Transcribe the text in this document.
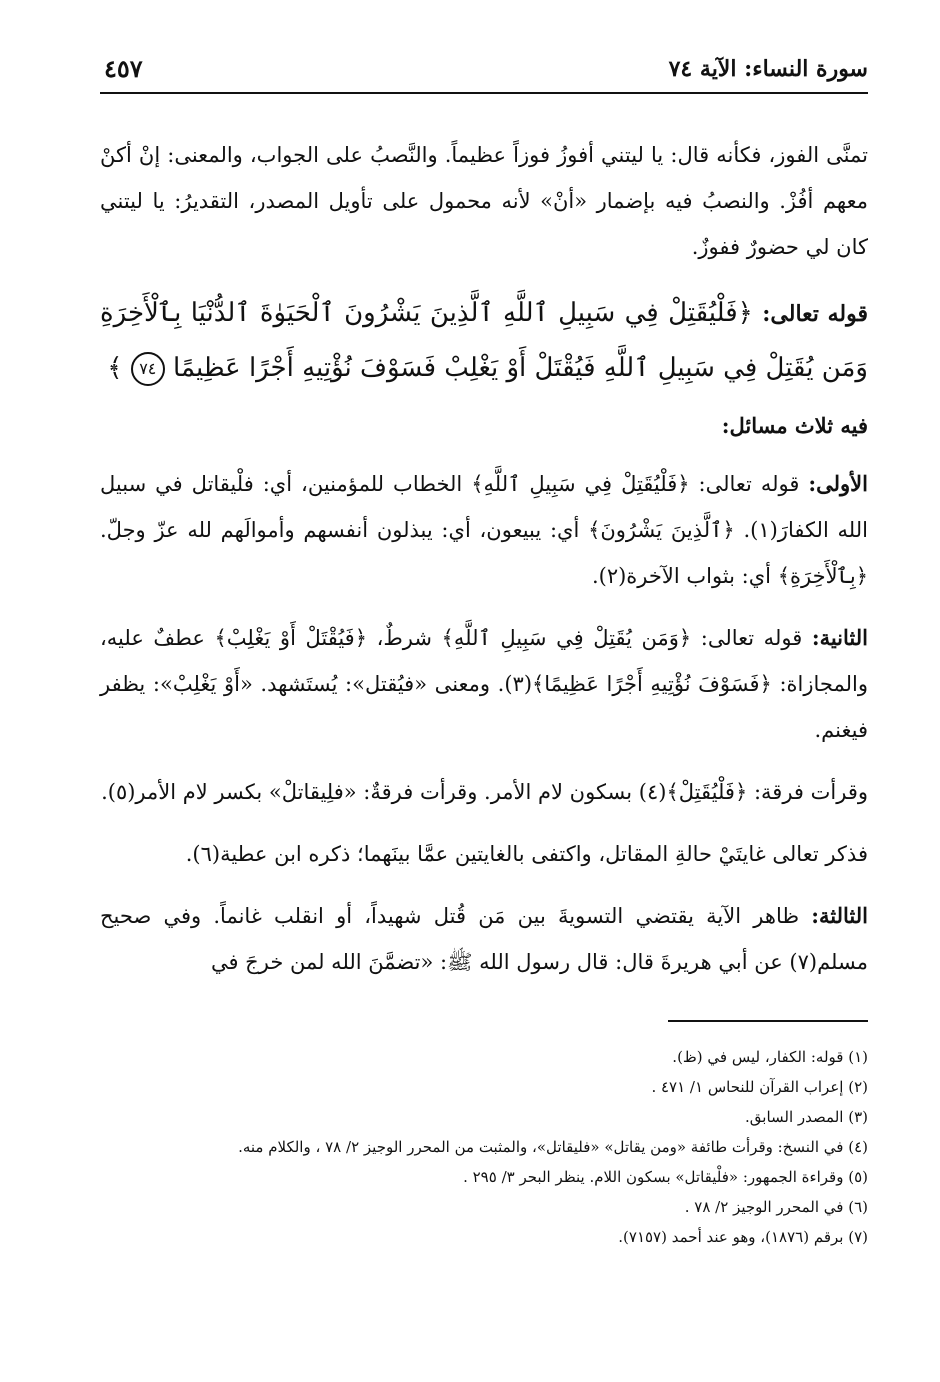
سورة النساء: الآية ٧٤
٤٥٧

تمنَّى الفوز، فكأنه قال: يا ليتني أفوزُ فوزاً عظيماً. والنَّصبُ على الجواب، والمعنى: إنْ أكنْ معهم أفُزْ. والنصبُ فيه بإضمار «أنْ» لأنه محمول على تأويل المصدر، التقديرُ: يا ليتني كان لي حضورٌ ففوزٌ.

قوله تعالى: ﴿فَلْيُقَتِلْ فِي سَبِيلِ ٱللَّهِ ٱلَّذِينَ يَشْرُونَ ٱلْحَيَوٰةَ ٱلدُّنْيَا بِٱلْأَخِرَةِ وَمَن يُقَتِلْ فِي سَبِيلِ ٱللَّهِ فَيُقْتَلْ أَوْ يَغْلِبْ فَسَوْفَ نُؤْتِيهِ أَجْرًا عَظِيمًا ٧٤ ﴾

فيه ثلاث مسائل:

الأولى: قوله تعالى: ﴿فَلْيُقَتِلْ فِي سَبِيلِ ٱللَّهِ﴾ الخطاب للمؤمنين، أي: فلْيقاتل في سبيل الله الكفارَ(١). ﴿ٱلَّذِينَ يَشْرُونَ﴾ أي: يبيعون، أي: يبذلون أنفسهم وأموالَهم لله عزّ وجلّ. ﴿بِٱلْأَخِرَةِ﴾ أي: بثواب الآخرة(٢).

الثانية: قوله تعالى: ﴿وَمَن يُقَتِلْ فِي سَبِيلِ ٱللَّهِ﴾ شرطٌ، ﴿فَيُقْتَلْ أَوْ يَغْلِبْ﴾ عطفٌ عليه، والمجازاة: ﴿فَسَوْفَ نُؤْتِيهِ أَجْرًا عَظِيمًا﴾(٣). ومعنى «فيُقتل»: يُستَشهد. «أَوْ يَغْلِبْ»: يظفر فيغنم.

وقرأت فرقة: ﴿فَلْيُقَتِلْ﴾(٤) بسكون لام الأمر. وقرأت فرقةٌ: «فلِيقاتلْ» بكسر لام الأمر(٥).

فذكر تعالى غايتَيْ حالةِ المقاتل، واكتفى بالغايتين عمَّا بينَهما؛ ذكره ابن عطية(٦).

الثالثة: ظاهر الآية يقتضي التسويةَ بين مَن قُتل شهيداً، أو انقلب غانماً. وفي صحيح مسلم(٧) عن أبي هريرةَ قال: قال رسول الله ﷺ: «تضمَّنَ الله لمن خرجَ في

(١) قوله: الكفار، ليس في (ظ).
(٢) إعراب القرآن للنحاس ١/ ٤٧١ .
(٣) المصدر السابق.
(٤) في النسخ: وقرأت طائفة «ومن يقاتل» «فليقاتل»، والمثبت من المحرر الوجيز ٢/ ٧٨ ، والكلام منه.
(٥) وقراءة الجمهور: «فلْيقاتل» بسكون اللام. ينظر البحر ٣/ ٢٩٥ .
(٦) في المحرر الوجيز ٢/ ٧٨ .
(٧) برقم (١٨٧٦)، وهو عند أحمد (٧١٥٧).
